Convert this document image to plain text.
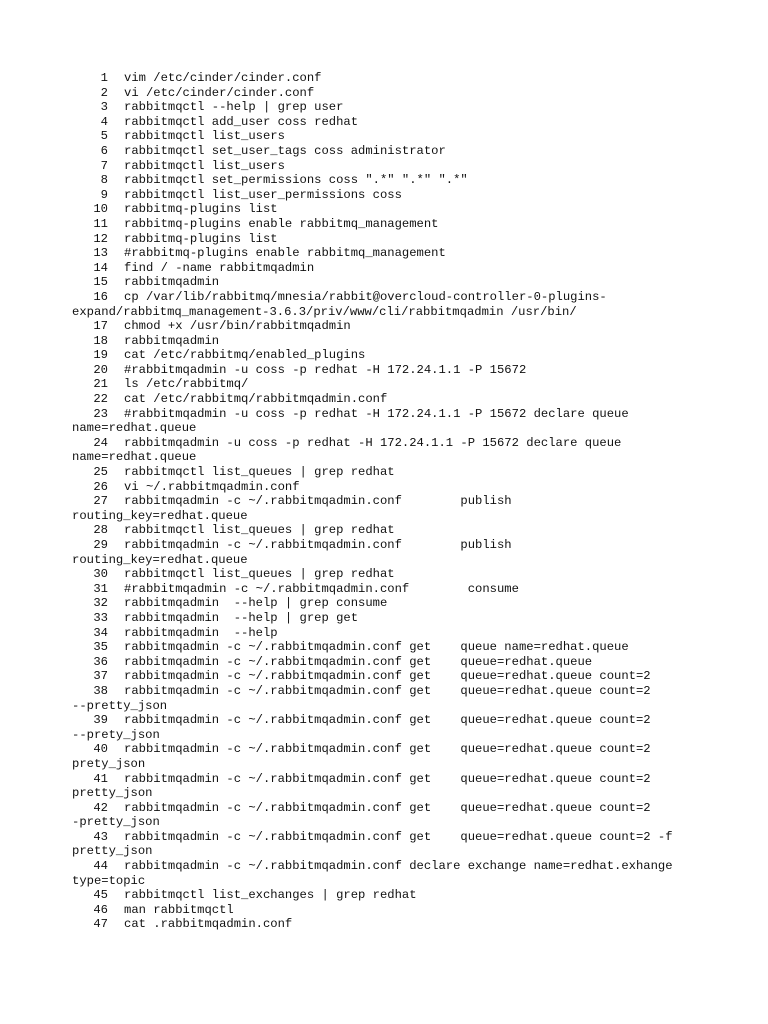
1 vim /etc/cinder/cinder.conf
2 vi /etc/cinder/cinder.conf
3 rabbitmqctl --help | grep user
4 rabbitmqctl add_user coss redhat
5 rabbitmqctl list_users
6 rabbitmqctl set_user_tags coss administrator
7 rabbitmqctl list_users
8 rabbitmqctl set_permissions coss ".*" ".*" ".*"
9 rabbitmqctl list_user_permissions coss
10 rabbitmq-plugins list
11 rabbitmq-plugins enable rabbitmq_management
12 rabbitmq-plugins list
13 #rabbitmq-plugins enable rabbitmq_management
14 find / -name rabbitmqadmin
15 rabbitmqadmin
16 cp /var/lib/rabbitmq/mnesia/rabbit@overcloud-controller-0-plugins-
expand/rabbitmq_management-3.6.3/priv/www/cli/rabbitmqadmin /usr/bin/
17 chmod +x /usr/bin/rabbitmqadmin
18 rabbitmqadmin
19 cat /etc/rabbitmq/enabled_plugins
20 #rabbitmqadmin -u coss -p redhat -H 172.24.1.1 -P 15672
21 ls /etc/rabbitmq/
22 cat /etc/rabbitmq/rabbitmqadmin.conf
23 #rabbitmqadmin -u coss -p redhat -H 172.24.1.1 -P 15672 declare queue
name=redhat.queue
24 rabbitmqadmin -u coss -p redhat -H 172.24.1.1 -P 15672 declare queue
name=redhat.queue
25 rabbitmqctl list_queues | grep redhat
26 vi ~/.rabbitmqadmin.conf
27 rabbitmqadmin -c ~/.rabbitmqadmin.conf        publish
routing_key=redhat.queue
28 rabbitmqctl list_queues | grep redhat
29 rabbitmqadmin -c ~/.rabbitmqadmin.conf        publish
routing_key=redhat.queue
30 rabbitmqctl list_queues | grep redhat
31 #rabbitmqadmin -c ~/.rabbitmqadmin.conf        consume
32 rabbitmqadmin  --help | grep consume
33 rabbitmqadmin  --help | grep get
34 rabbitmqadmin  --help
35 rabbitmqadmin -c ~/.rabbitmqadmin.conf get    queue name=redhat.queue
36 rabbitmqadmin -c ~/.rabbitmqadmin.conf get    queue=redhat.queue
37 rabbitmqadmin -c ~/.rabbitmqadmin.conf get    queue=redhat.queue count=2
38 rabbitmqadmin -c ~/.rabbitmqadmin.conf get    queue=redhat.queue count=2
--pretty_json
39 rabbitmqadmin -c ~/.rabbitmqadmin.conf get    queue=redhat.queue count=2
--prety_json
40 rabbitmqadmin -c ~/.rabbitmqadmin.conf get    queue=redhat.queue count=2
prety_json
41 rabbitmqadmin -c ~/.rabbitmqadmin.conf get    queue=redhat.queue count=2
pretty_json
42 rabbitmqadmin -c ~/.rabbitmqadmin.conf get    queue=redhat.queue count=2
-pretty_json
43 rabbitmqadmin -c ~/.rabbitmqadmin.conf get    queue=redhat.queue count=2 -f
pretty_json
44 rabbitmqadmin -c ~/.rabbitmqadmin.conf declare exchange name=redhat.exhange
type=topic
45 rabbitmqctl list_exchanges | grep redhat
46 man rabbitmqctl
47 cat .rabbitmqadmin.conf
